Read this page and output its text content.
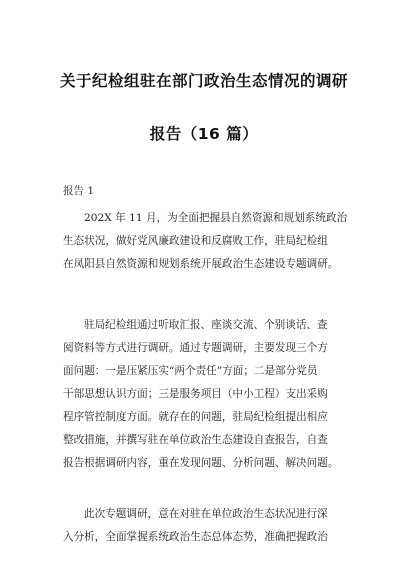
关于纪检组驻在部门政治生态情况的调研
报告（16 篇）
报告 1
202X 年 11 月，为全面把握县自然资源和规划系统政治
生态状况，做好党风廉政建设和反腐败工作，驻局纪检组
在凤阳县自然资源和规划系统开展政治生态建设专题调研。
驻局纪检组通过听取汇报、座谈交流、个别谈话、查
阅资料等方式进行调研。通过专题调研，主要发现三个方
面问题：一是压紧压实“两个责任”方面；二是部分党员
干部思想认识方面；三是服务项目（中小工程）支出采购
程序管控制度方面。就存在的问题，驻局纪检组提出相应
整改措施，并撰写驻在单位政治生态建设自查报告，自查
报告根据调研内容，重在发现问题、分析问题、解决问题。
此次专题调研，意在对驻在单位政治生态状况进行深
入分析，全面掌握系统政治生态总体态势，准确把握政治
